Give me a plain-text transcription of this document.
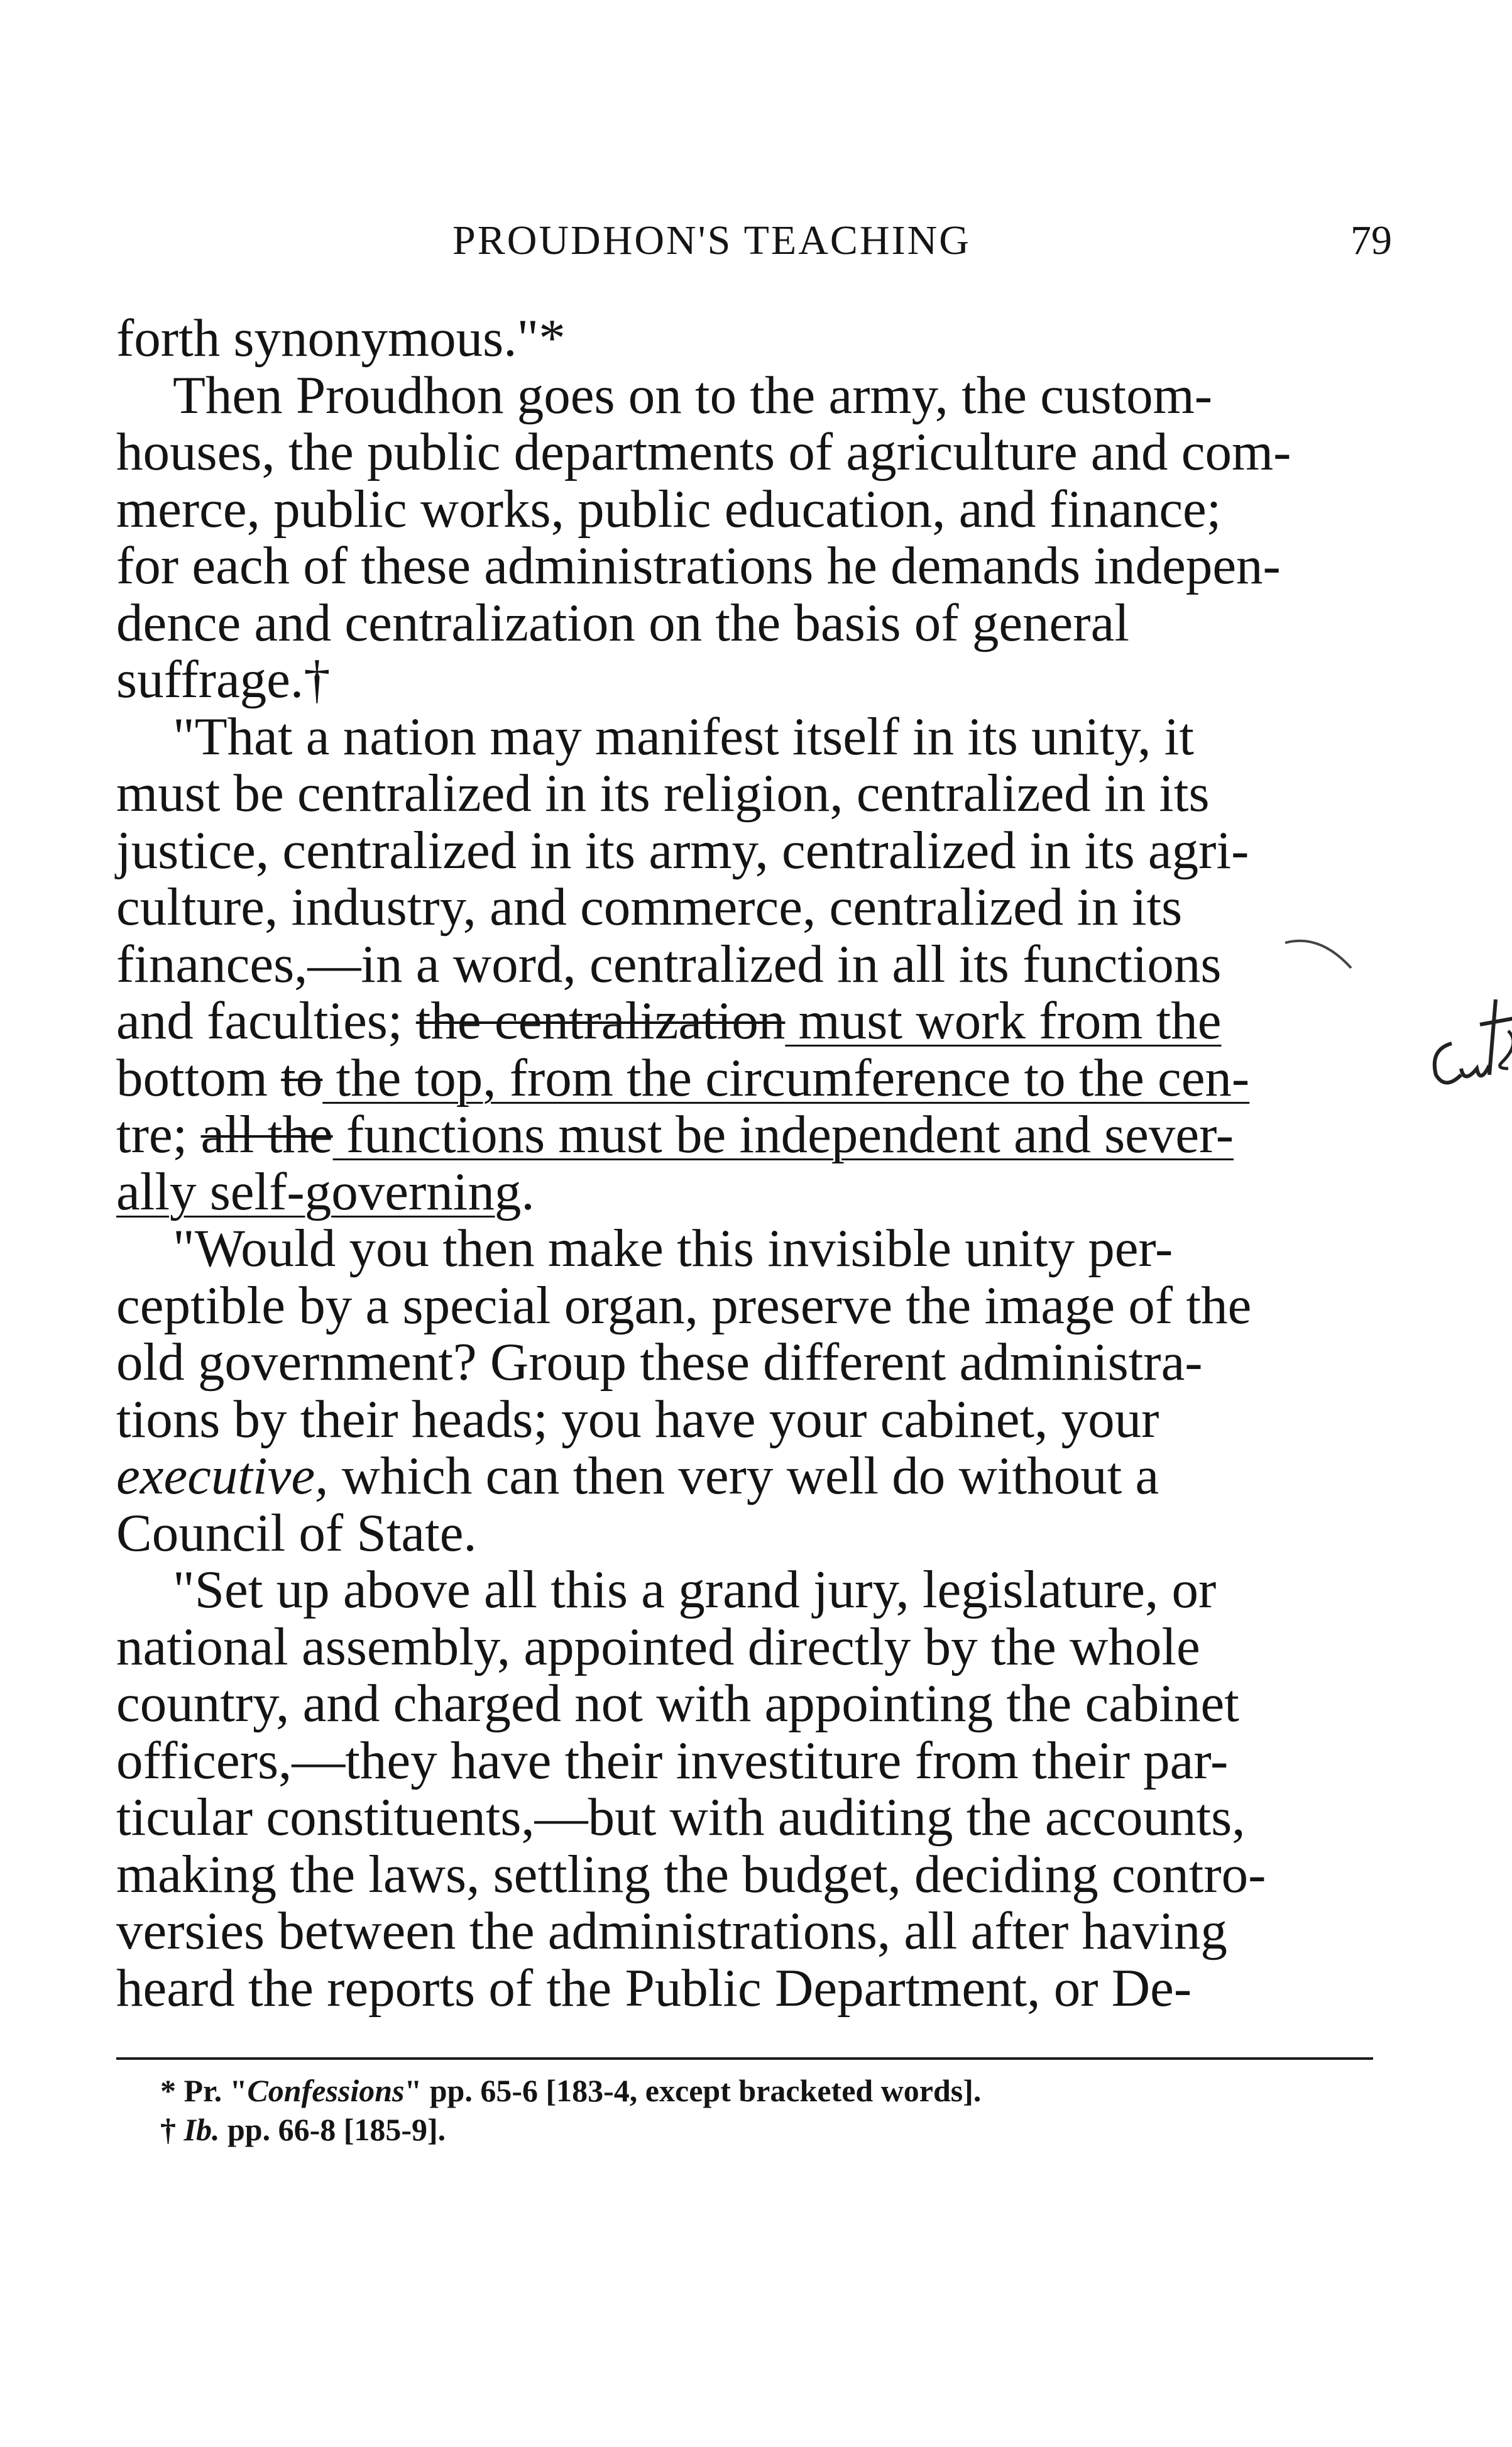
PROUDHON'S TEACHING	79
forth synonymous."*
Then Proudhon goes on to the army, the custom-
houses, the public departments of agriculture and com-
merce, public works, public education, and finance;
for each of these administrations he demands indepen-
dence and centralization on the basis of general
suffrage.†
"That a nation may manifest itself in its unity, it
must be centralized in its religion, centralized in its
justice, centralized in its army, centralized in its agri-
culture, industry, and commerce, centralized in its
finances,—in a word, centralized in all its functions
and faculties; the centralization must work from the
bottom to the top, from the circumference to the cen-
tre; all the functions must be independent and sever-
ally self-governing.
"Would you then make this invisible unity per-
ceptible by a special organ, preserve the image of the
old government? Group these different administra-
tions by their heads; you have your cabinet, your
executive, which can then very well do without a
Council of State.
"Set up above all this a grand jury, legislature, or
national assembly, appointed directly by the whole
country, and charged not with appointing the cabinet
officers,—they have their investiture from their par-
ticular constituents,—but with auditing the accounts,
making the laws, settling the budget, deciding contro-
versies between the administrations, all after having
heard the reports of the Public Department, or De-
* Pr. "Confessions" pp. 65-6 [183-4, except bracketed words].
† Ib. pp. 66-8 [185-9].
